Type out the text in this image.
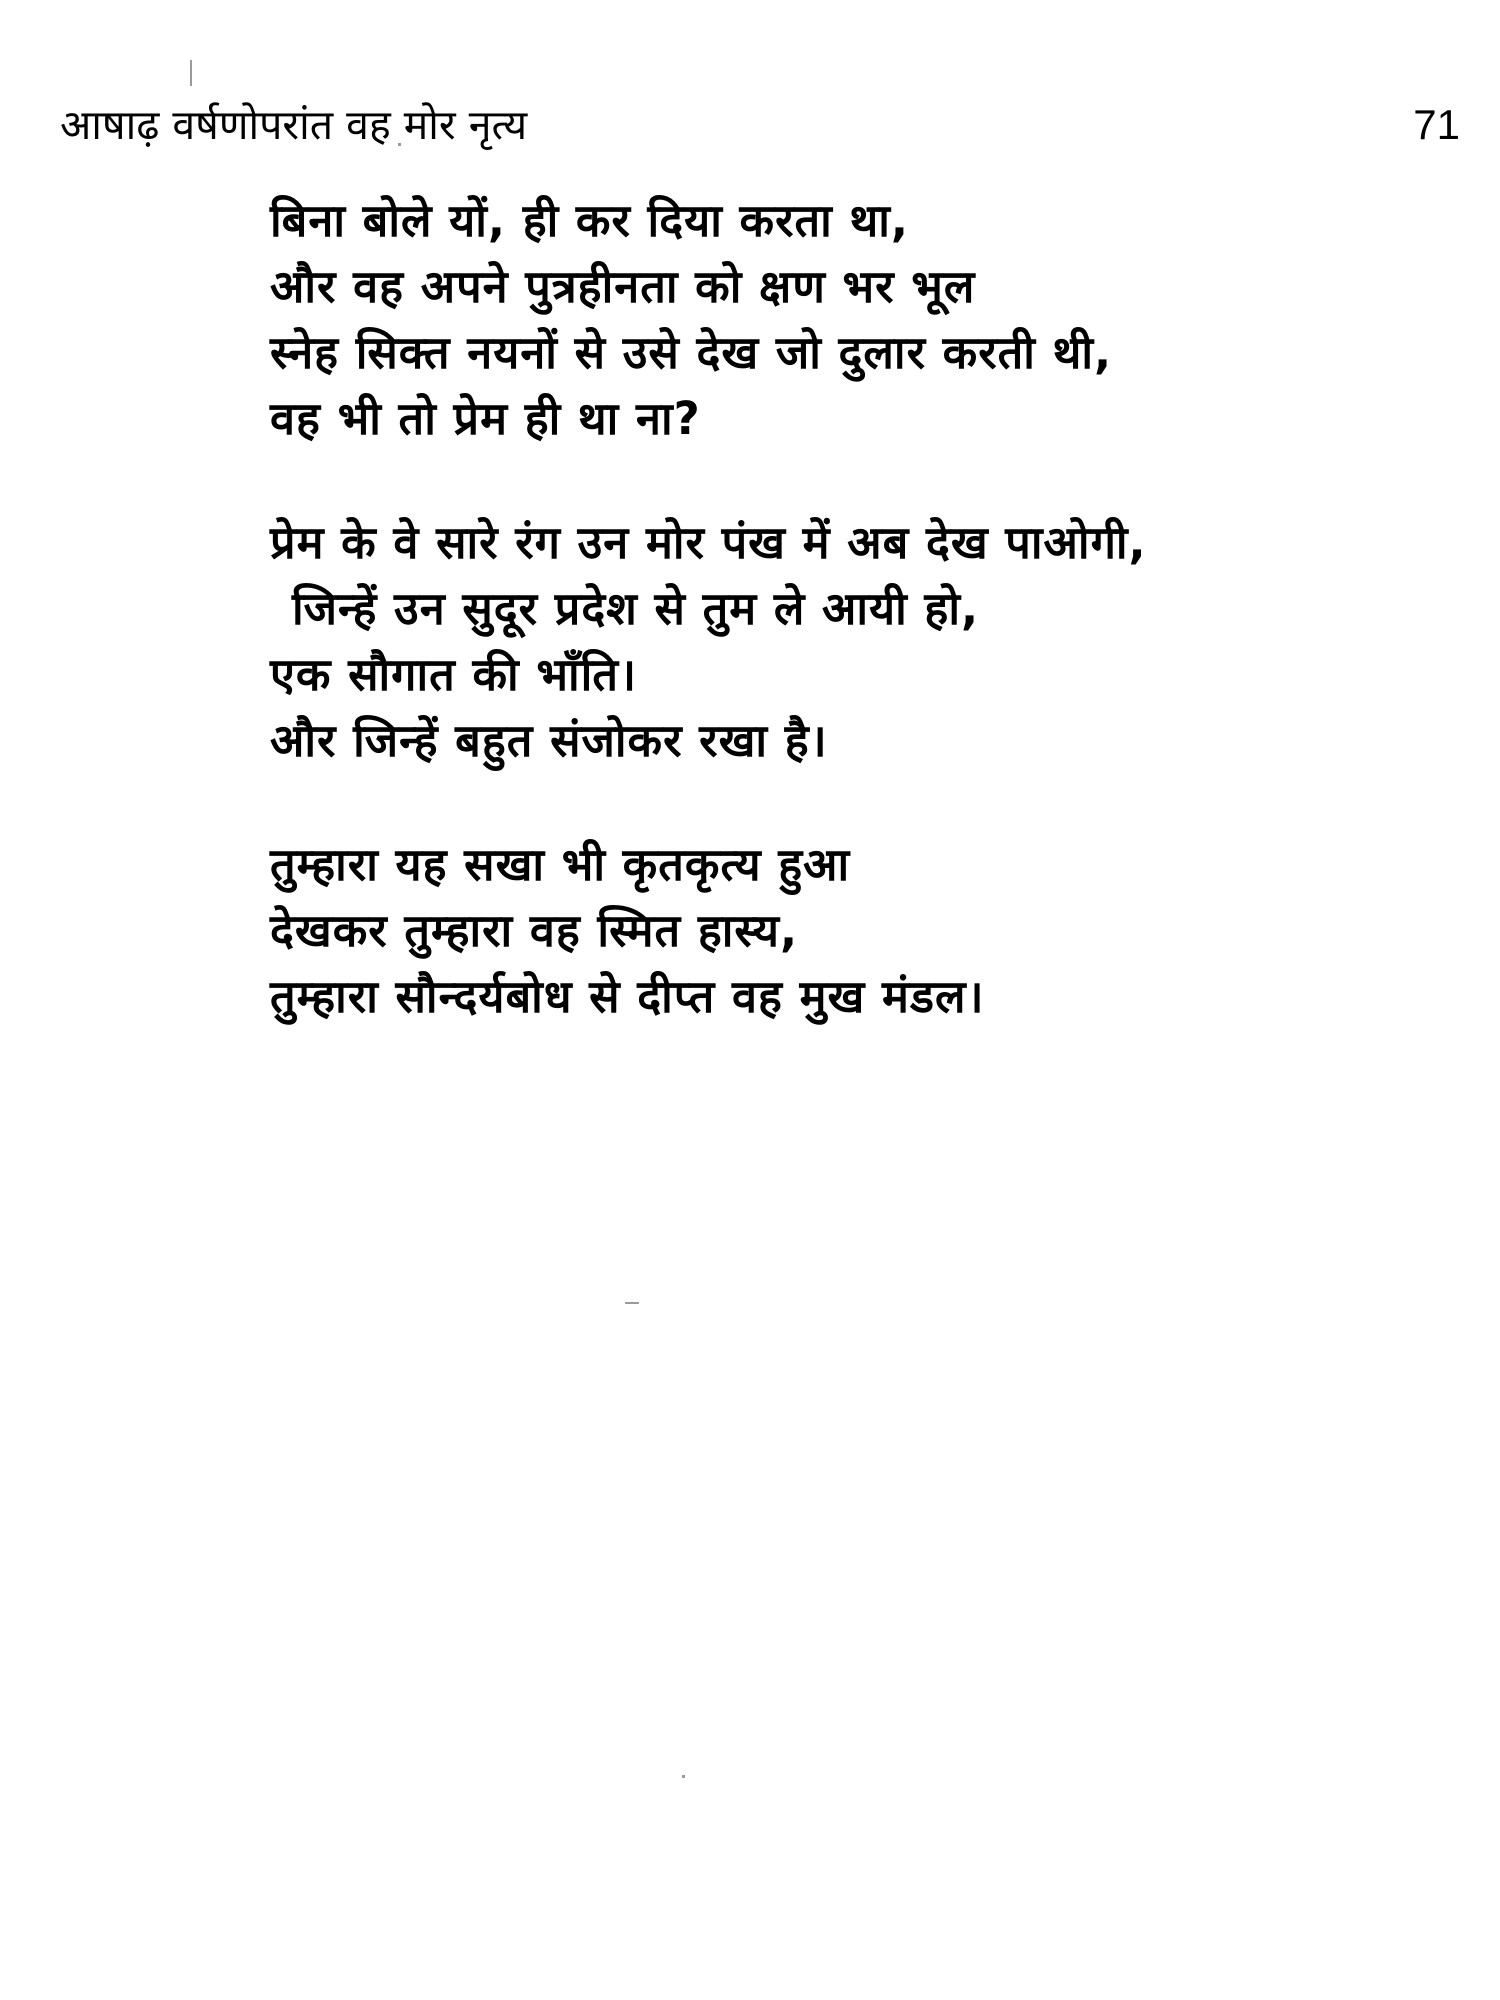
आषाढ़ वर्षणोपरांत वह मोर नृत्य	71
बिना बोले यों, ही कर दिया करता था,
और वह अपने पुत्रहीनता को क्षण भर भूल
स्नेह सिक्त नयनों से उसे देख जो दुलार करती थी,
वह भी तो प्रेम ही था ना?
प्रेम के वे सारे रंग उन मोर पंख में अब देख पाओगी,
जिन्हें उन सुदूर प्रदेश से तुम ले आयी हो,
एक सौगात की भाँति।
और जिन्हें बहुत संजोकर रखा है।
तुम्हारा यह सखा भी कृतकृत्य हुआ
देखकर तुम्हारा वह स्मित हास्य,
तुम्हारा सौन्दर्यबोध से दीप्त वह मुख मंडल।
